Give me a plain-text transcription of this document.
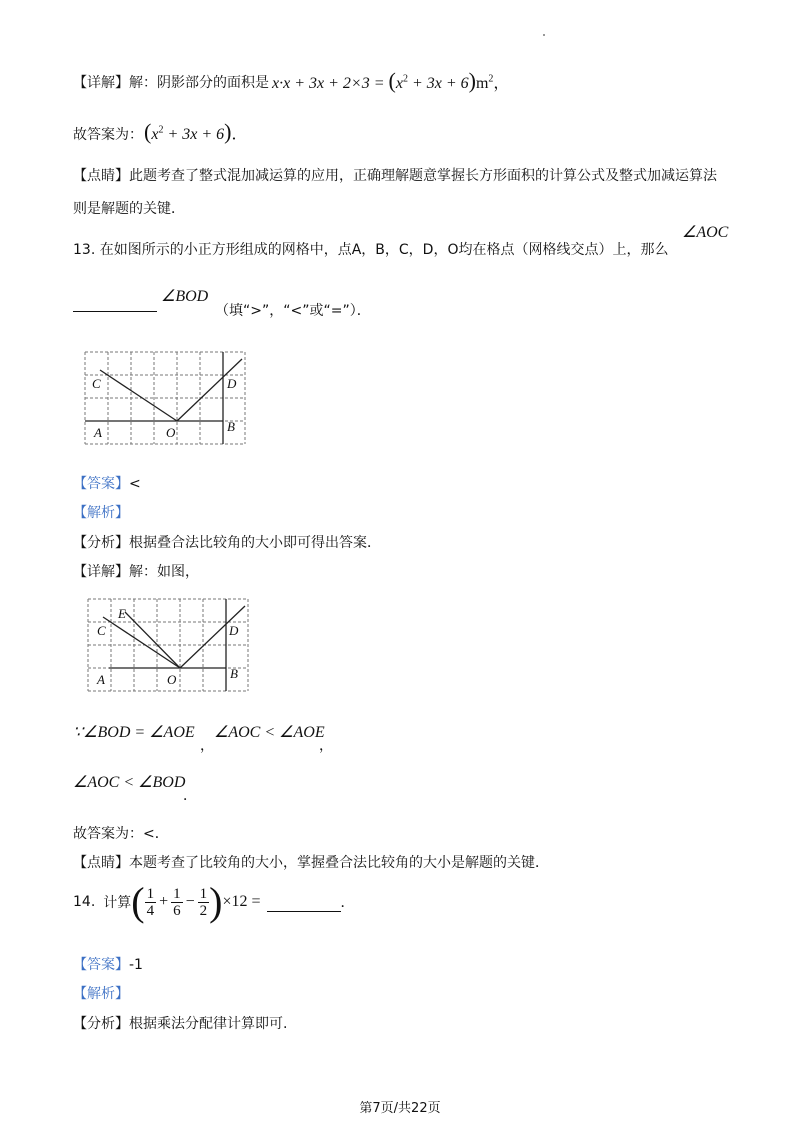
【详解】解：阴影部分的面积是 $x\cdot x + 3x + 2\times 3 = (x^2 + 3x + 6)m^2$，
故答案为： $(x^2 + 3x + 6)$．
【点睛】此题考查了整式混加减运算的应用，正确理解题意掌握长方形面积的计算公式及整式加减运算法
则是解题的关键．
13. 在如图所示的小正方形组成的网格中，点A，B，C，D，O均在格点（网格线交点）上，那么
∠AOC
∠BOD
（填“>”，“<”或“=”）．
C	D
A	O	B
【答案】<
【解析】
【分析】根据叠合法比较角的大小即可得出答案．
【详解】解：如图，
C
E
D
A	O	B
∵∠BOD = ∠AOE
，
∠AOC < ∠AOE
，
∠AOC < ∠BOD
．
故答案为：<．
【点睛】本题考查了比较角的大小，掌握叠合法比较角的大小是解题的关键．
14. 计算 ( $\frac{1}{4} + \frac{1}{6} - \frac{1}{2}$ ) ×12 =	．
【答案】-1
【解析】
【分析】根据乘法分配律计算即可.
第7页/共22页
